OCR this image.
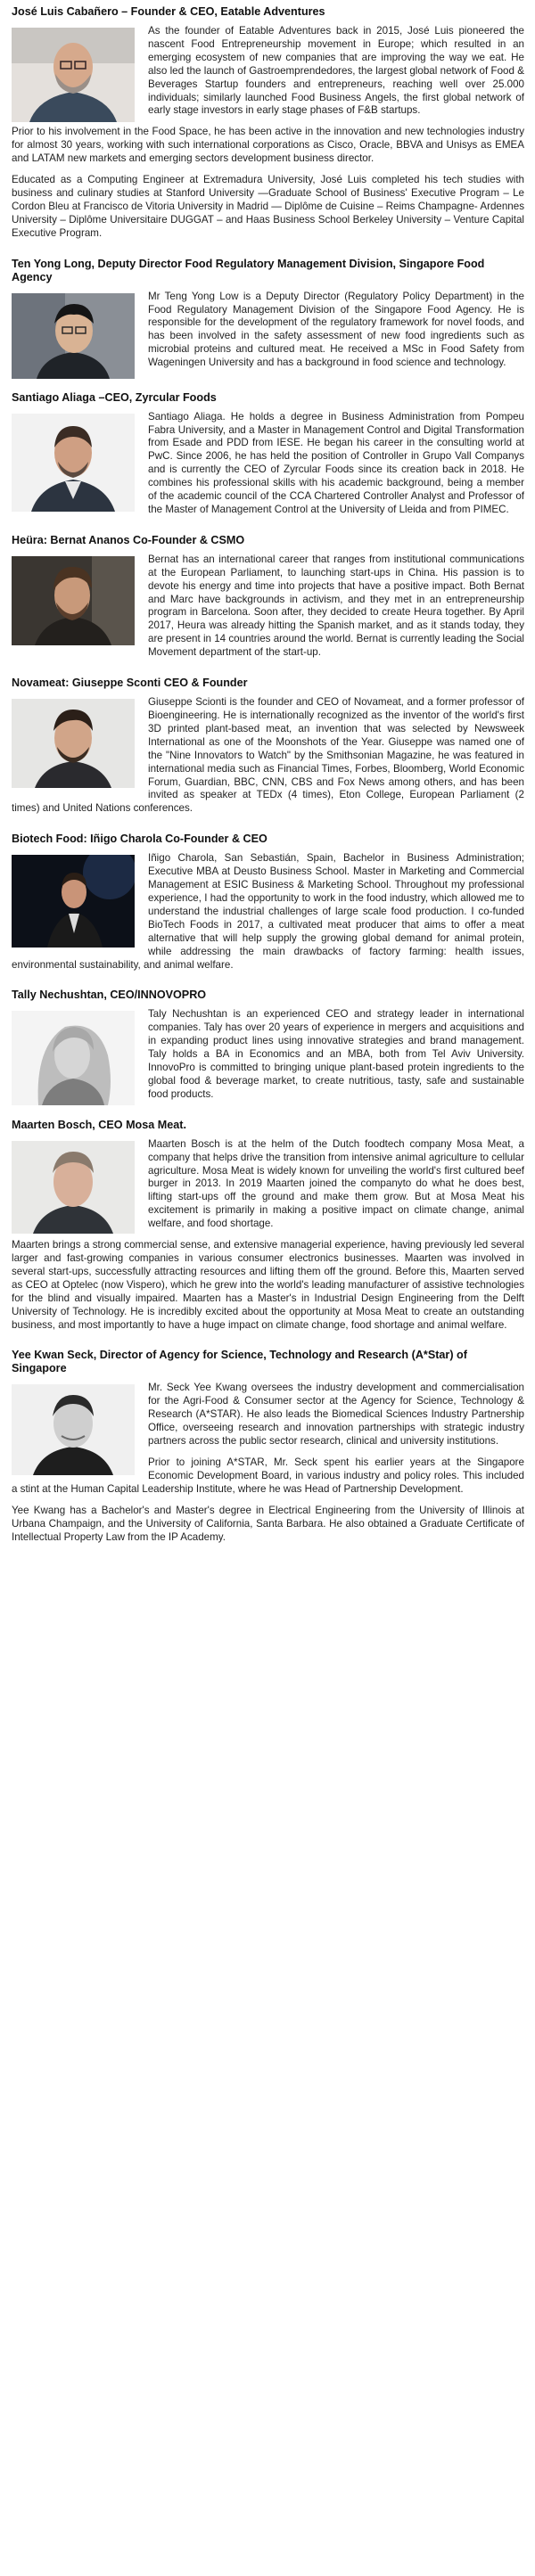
José Luis Cabañero – Founder & CEO, Eatable Adventures

As the founder of Eatable Adventures back in 2015, José Luis pioneered the nascent Food Entrepreneurship movement in Europe; which resulted in an emerging ecosystem of new companies that are improving the way we eat. He also led the launch of Gastroemprendedores, the largest global network of Food & Beverages Startup founders and entrepreneurs, reaching well over 25.000 individuals; similarly launched Food Business Angels, the first global network of early stage investors in early stage phases of F&B startups.

Prior to his involvement in the Food Space, he has been active in the innovation and new technologies industry for almost 30 years, working with such international corporations as Cisco, Oracle, BBVA and Unisys as EMEA and LATAM new markets and emerging sectors development business director.

Educated as a Computing Engineer at Extremadura University, José Luis completed his tech studies with business and culinary studies at Stanford University —Graduate School of Business' Executive Program – Le Cordon Bleu at Francisco de Vitoria University in Madrid — Diplôme de Cuisine – Reims Champagne- Ardennes University – Diplôme Universitaire DUGGAT – and Haas Business School Berkeley University – Venture Capital Executive Program.

Ten Yong Long, Deputy Director Food Regulatory Management Division, Singapore Food Agency

Mr Teng Yong Low is a Deputy Director (Regulatory Policy Department) in the Food Regulatory Management Division of the Singapore Food Agency. He is responsible for the development of the regulatory framework for novel foods, and has been involved in the safety assessment of new food ingredients such as microbial proteins and cultured meat. He received a MSc in Food Safety from Wageningen University and has a background in food science and technology.

Santiago Aliaga –CEO, Zyrcular Foods

Santiago Aliaga. He holds a degree in Business Administration from Pompeu Fabra University, and a Master in Management Control and Digital Transformation from Esade and PDD from IESE. He began his career in the consulting world at PwC. Since 2006, he has held the position of Controller in Grupo Vall Companys and is currently the CEO of Zyrcular Foods since its creation back in 2018. He combines his professional skills with his academic background, being a member of the academic council of the CCA Chartered Controller Analyst and Professor of the Master of Management Control at the University of Lleida and from PIMEC.

Heüra: Bernat Ananos Co-Founder & CSMO

Bernat has an international career that ranges from institutional communications at the European Parliament, to launching start-ups in China. His passion is to devote his energy and time into projects that have a positive impact. Both Bernat and Marc have backgrounds in activism, and they met in an entrepreneurship program in Barcelona. Soon after, they decided to create Heura together. By April 2017, Heura was already hitting the Spanish market, and as it stands today, they are present in 14 countries around the world. Bernat is currently leading the Social Movement department of the start-up.

Novameat: Giuseppe Sconti CEO & Founder

Giuseppe Scionti is the founder and CEO of Novameat, and a former professor of Bioengineering. He is internationally recognized as the inventor of the world's first 3D printed plant-based meat, an invention that was selected by Newsweek International as one of the Moonshots of the Year. Giuseppe was named one of the "Nine Innovators to Watch" by the Smithsonian Magazine, he was featured in international media such as Financial Times, Forbes, Bloomberg, World Economic Forum, Guardian, BBC, CNN, CBS and Fox News among others, and has been invited as speaker at TEDx (4 times), Eton College, European Parliament (2 times) and United Nations conferences.

Biotech Food: Iñigo Charola Co-Founder & CEO

Iñigo Charola, San Sebastián, Spain, Bachelor in Business Administration; Executive MBA at Deusto Business School. Master in Marketing and Commercial Management at ESIC Business & Marketing School. Throughout my professional experience, I had the opportunity to work in the food industry, which allowed me to understand the industrial challenges of large scale food production. I co-funded BioTech Foods in 2017, a cultivated meat producer that aims to offer a meat alternative that will help supply the growing global demand for animal protein, while addressing the main drawbacks of factory farming: health issues, environmental sustainability, and animal welfare.

Tally Nechushtan, CEO/INNOVOPRO

Taly Nechushtan is an experienced CEO and strategy leader in international companies. Taly has over 20 years of experience in mergers and acquisitions and in expanding product lines using innovative strategies and brand management. Taly holds a BA in Economics and an MBA, both from Tel Aviv University. InnovoPro is committed to bringing unique plant-based protein ingredients to the global food & beverage market, to create nutritious, tasty, safe and sustainable food products.

Maarten Bosch, CEO Mosa Meat.

Maarten Bosch is at the helm of the Dutch foodtech company Mosa Meat, a company that helps drive the transition from intensive animal agriculture to cellular agriculture. Mosa Meat is widely known for unveiling the world's first cultured beef burger in 2013. In 2019 Maarten joined the companyto do what he does best, lifting start-ups off the ground and make them grow. But at Mosa Meat his excitement is primarily in making a positive impact on climate change, animal welfare, and food shortage.

Maarten brings a strong commercial sense, and extensive managerial experience, having previously led several larger and fast-growing companies in various consumer electronics businesses. Maarten was involved in several start-ups, successfully attracting resources and lifting them off the ground. Before this, Maarten served as CEO at Optelec (now Vispero), which he grew into the world's leading manufacturer of assistive technologies for the blind and visually impaired. Maarten has a Master's in Industrial Design Engineering from the Delft University of Technology. He is incredibly excited about the opportunity at Mosa Meat to create an outstanding business, and most importantly to have a huge impact on climate change, food shortage and animal welfare.

Yee Kwan Seck, Director of Agency for Science, Technology and Research (A*Star) of Singapore

Mr. Seck Yee Kwang oversees the industry development and commercialisation for the Agri-Food & Consumer sector at the Agency for Science, Technology & Research (A*STAR). He also leads the Biomedical Sciences Industry Partnership Office, overseeing research and innovation partnerships with strategic industry partners across the public sector research, clinical and university institutions.

Prior to joining A*STAR, Mr. Seck spent his earlier years at the Singapore Economic Development Board, in various industry and policy roles. This included a stint at the Human Capital Leadership Institute, where he was Head of Partnership Development.

Yee Kwang has a Bachelor's and Master's degree in Electrical Engineering from the University of Illinois at Urbana Champaign, and the University of California, Santa Barbara. He also obtained a Graduate Certificate of Intellectual Property Law from the IP Academy.
